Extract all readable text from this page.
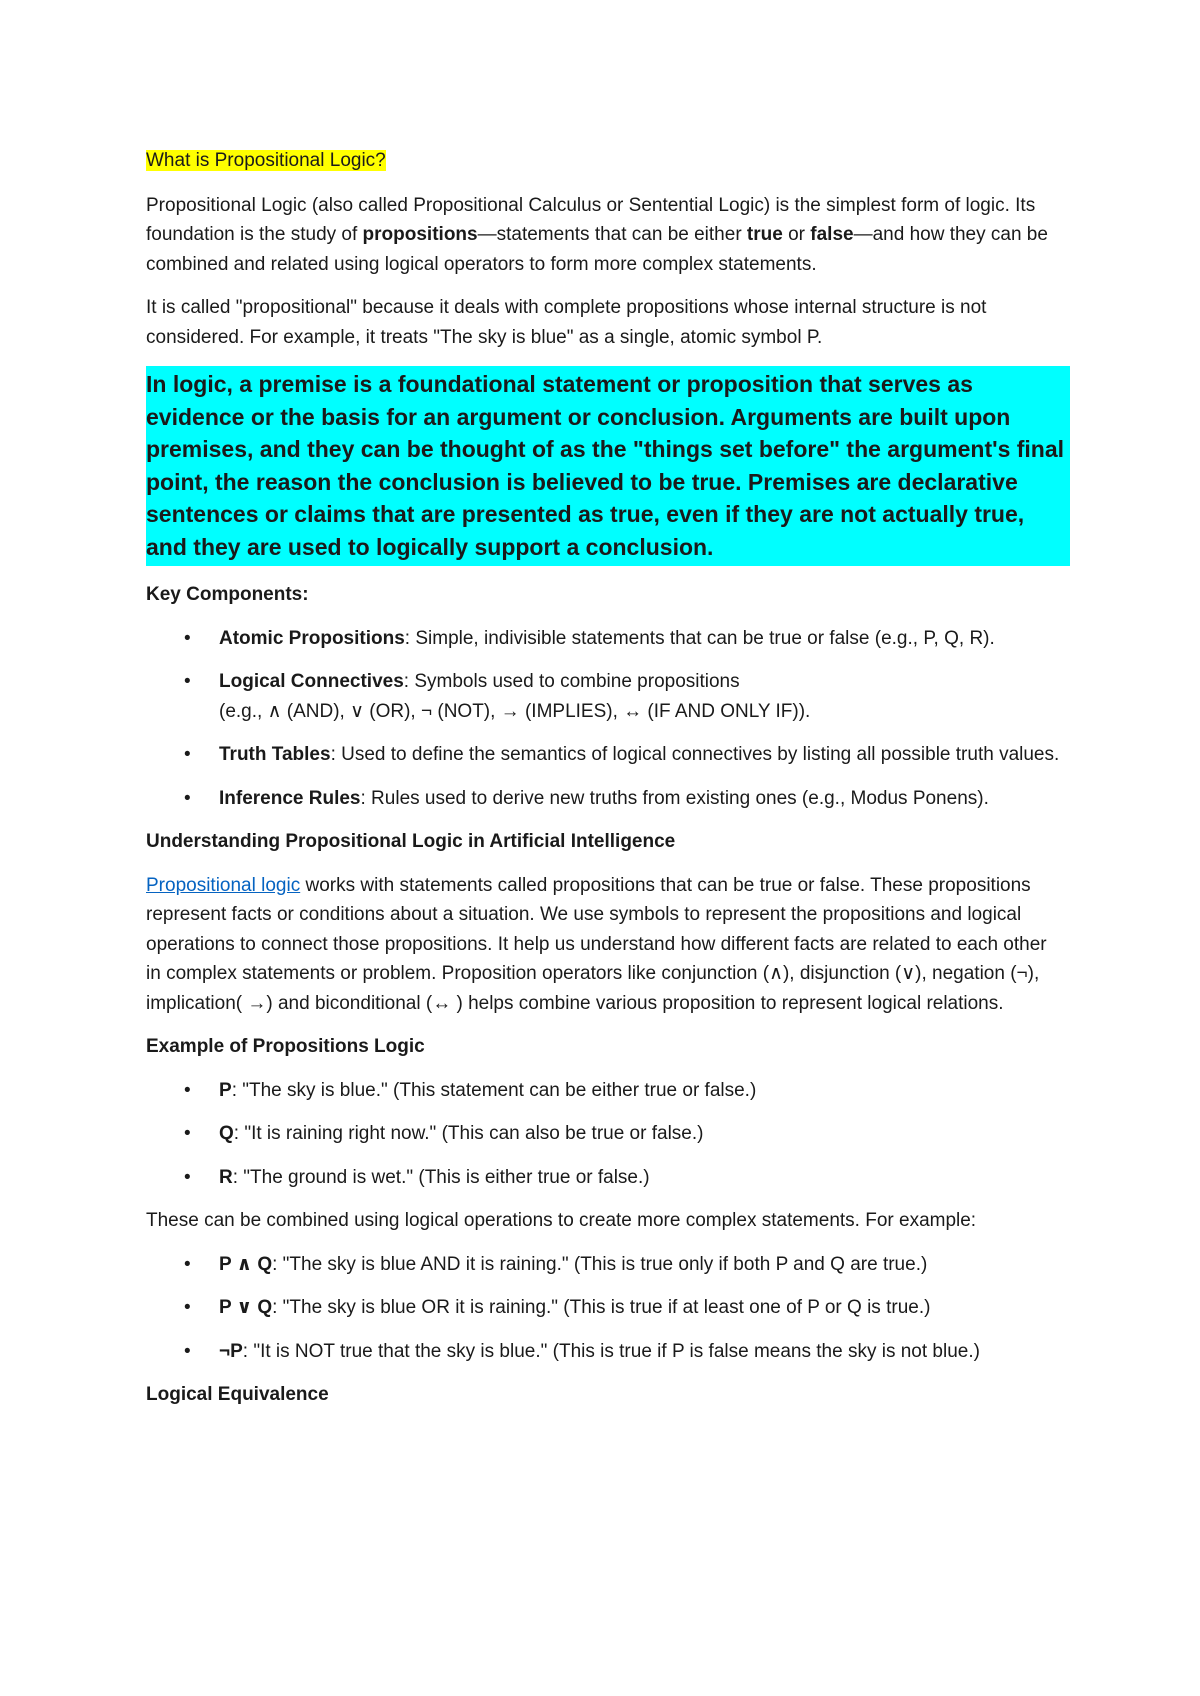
What is Propositional Logic?

Propositional Logic (also called Propositional Calculus or Sentential Logic) is the simplest form of logic. Its foundation is the study of propositions—statements that can be either true or false—and how they can be combined and related using logical operators to form more complex statements.

It is called "propositional" because it deals with complete propositions whose internal structure is not considered. For example, it treats "The sky is blue" as a single, atomic symbol P.

In logic, a premise is a foundational statement or proposition that serves as evidence or the basis for an argument or conclusion. Arguments are built upon premises, and they can be thought of as the "things set before" the argument's final point, the reason the conclusion is believed to be true. Premises are declarative sentences or claims that are presented as true, even if they are not actually true, and they are used to logically support a conclusion.

Key Components:

• Atomic Propositions: Simple, indivisible statements that can be true or false (e.g., P, Q, R).
• Logical Connectives: Symbols used to combine propositions
(e.g., ∧ (AND), ∨ (OR), ¬ (NOT), → (IMPLIES), ↔ (IF AND ONLY IF)).
• Truth Tables: Used to define the semantics of logical connectives by listing all possible truth values.
• Inference Rules: Rules used to derive new truths from existing ones (e.g., Modus Ponens).

Understanding Propositional Logic in Artificial Intelligence

Propositional logic works with statements called propositions that can be true or false. These propositions represent facts or conditions about a situation. We use symbols to represent the propositions and logical operations to connect those propositions. It help us understand how different facts are related to each other in complex statements or problem. Proposition operators like conjunction (∧), disjunction (∨), negation (¬), implication( →) and biconditional (↔ ) helps combine various proposition to represent logical relations.

Example of Propositions Logic

• P: "The sky is blue." (This statement can be either true or false.)
• Q: "It is raining right now." (This can also be true or false.)
• R: "The ground is wet." (This is either true or false.)

These can be combined using logical operations to create more complex statements. For example:

• P ∧ Q: "The sky is blue AND it is raining." (This is true only if both P and Q are true.)
• P ∨ Q: "The sky is blue OR it is raining." (This is true if at least one of P or Q is true.)
• ¬P: "It is NOT true that the sky is blue." (This is true if P is false means the sky is not blue.)

Logical Equivalence
